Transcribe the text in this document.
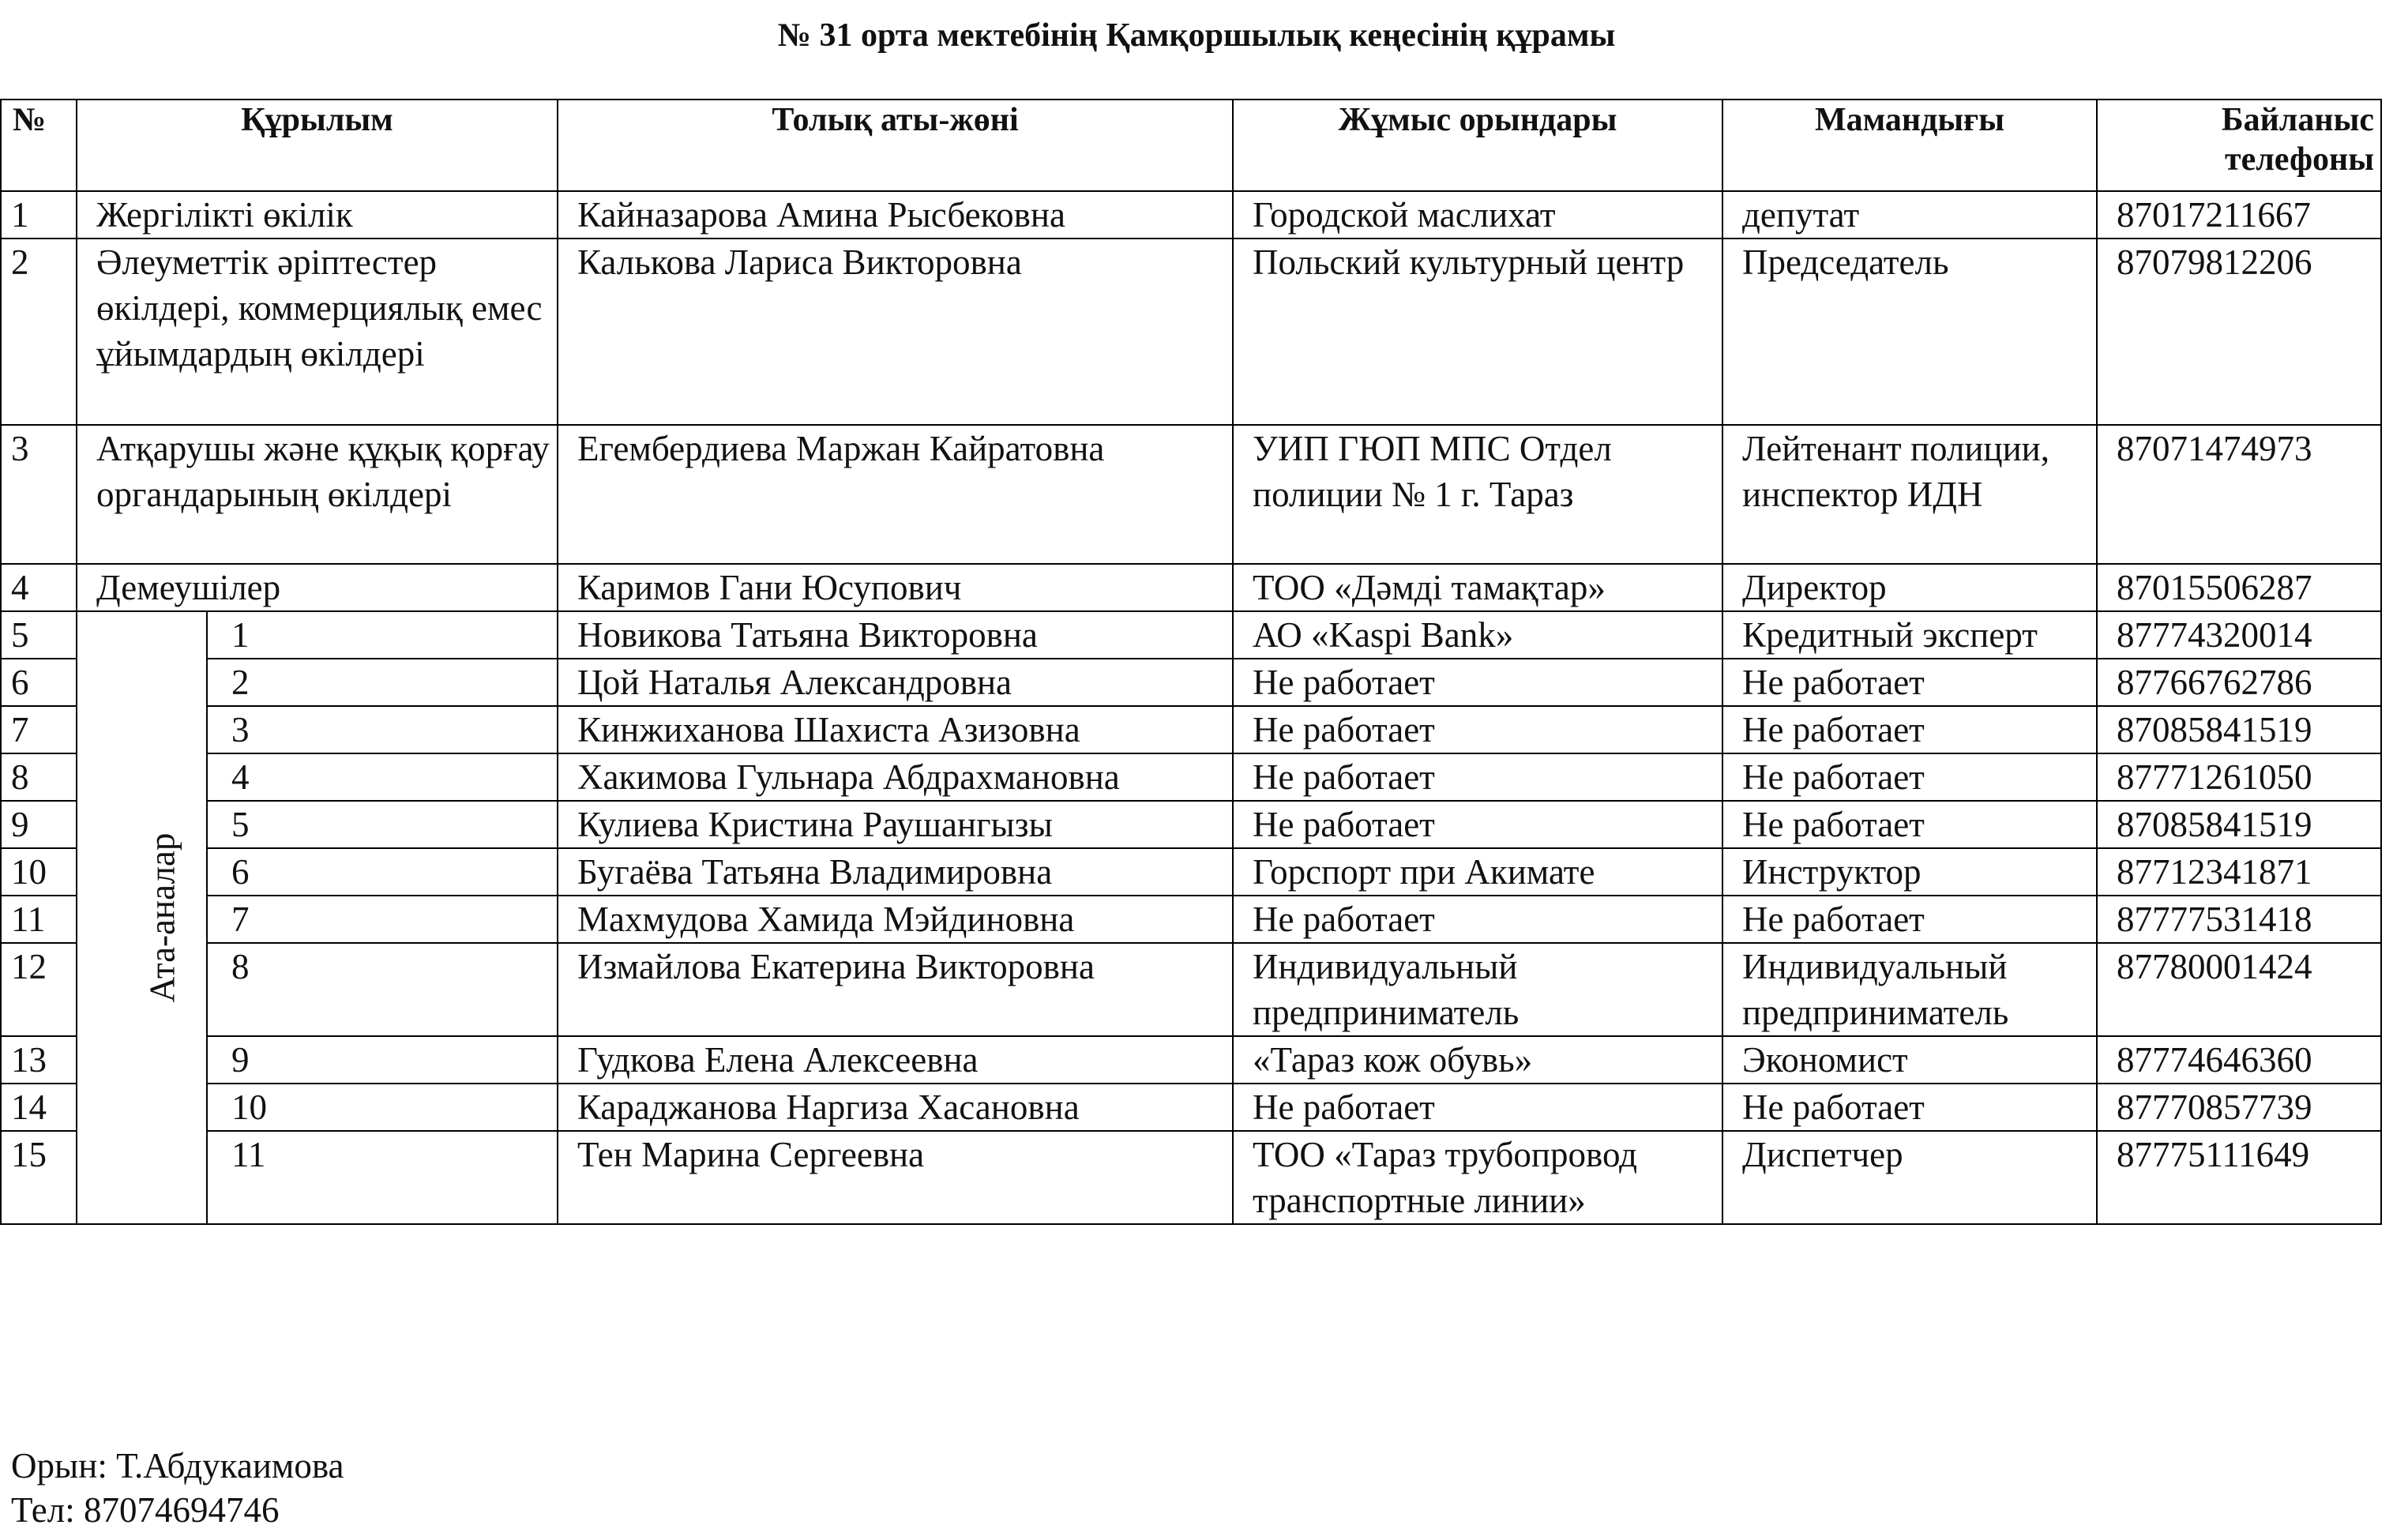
№ 31 орта мектебінің Қамқоршылық кеңесінің құрамы
№	Құрылым		Толық аты-жөні	Жұмыс орындары	Мамандығы	Байланыс телефоны
1	Жергілікті өкілік		Кайназарова Амина Рысбековна	Городской маслихат	депутат	87017211667
2	Әлеуметтік әріптестер өкілдері, коммерциялық емес ұйымдардың өкілдері		Калькова Лариса Викторовна	Польский культурный центр	Председатель	87079812206
3	Атқарушы және құқық қорғау органдарының өкілдері		Егембердиева Маржан Кайратовна	УИП ГЮП МПС Отдел полиции № 1 г. Тараз	Лейтенант полиции, инспектор ИДН	87071474973
4	Демеушілер		Каримов Гани Юсупович	ТОО «Дәмді тамақтар»	Директор	87015506287
5	Ата-аналар	1	Новикова Татьяна Викторовна	АО «Kaspi Bank»	Кредитный эксперт	87774320014
6		2	Цой Наталья Александровна	Не работает	Не работает	87766762786
7		3	Кинжиханова Шахиста Азизовна	Не работает	Не работает	87085841519
8		4	Хакимова Гульнара Абдрахмановна	Не работает	Не работает	87771261050
9		5	Кулиева Кристина Раушангызы	Не работает	Не работает	87085841519
10		6	Бугаёва Татьяна Владимировна	Горспорт при Акимате	Инструктор	87712341871
11		7	Махмудова Хамида Мэйдиновна	Не работает	Не работает	87777531418
12		8	Измайлова Екатерина Викторовна	Индивидуальный предприниматель	Индивидуальный предприниматель	87780001424
13		9	Гудкова Елена Алексеевна	«Тараз кож обувь»	Экономист	87774646360
14		10	Караджанова Наргиза Хасановна	Не работает	Не работает	87770857739
15		11	Тен Марина Сергеевна	ТОО «Тараз трубопровод транспортные линии»	Диспетчер	87775111649
Орын: Т.Абдукаимова
Тел: 87074694746
